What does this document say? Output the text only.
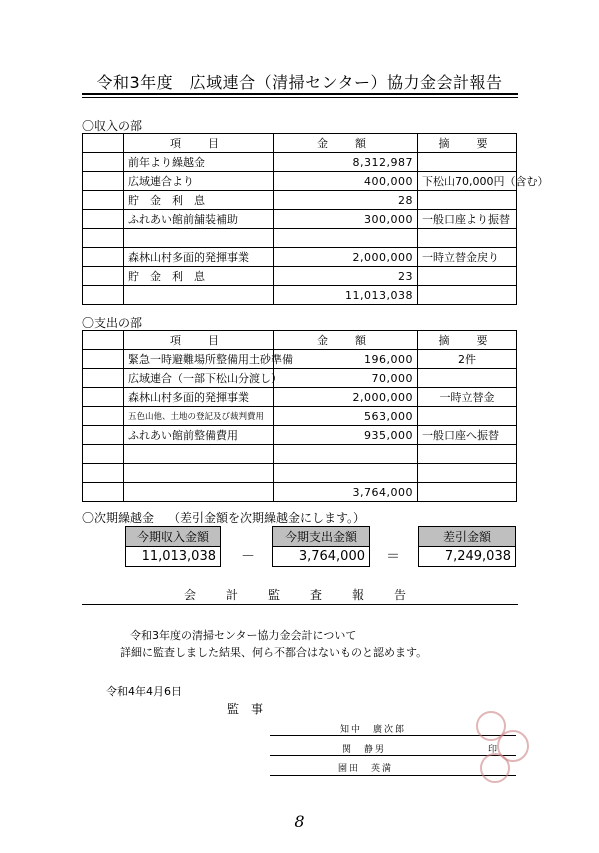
令和3年度　広域連合（清掃センター）協力金会計報告
〇収入の部
	項　目	金　額	摘　要
	前年より繰越金	8,312,987	
	広域連合より	400,000	下松山70,000円（含む）
	貯　金　利　息	28	
	ふれあい館前舗装補助	300,000	一般口座より振替

	森林山村多面的発揮事業	2,000,000	一時立替金戻り
	貯　金　利　息	23	
		11,013,038	
〇支出の部
	項　目	金　額	摘　要
	緊急一時避難場所整備用土砂準備	196,000	2件
	広域連合（一部下松山分渡し）	70,000	
	森林山村多面的発揮事業	2,000,000	一時立替金
	五色山他、土地の登記及び裁判費用	563,000	
	ふれあい館前整備費用	935,000	一般口座へ振替

		3,764,000	
〇次期繰越金 （差引金額を次期繰越金にします。）
今期収入金額
11,013,038 －
今期支出金額
3,764,000 ＝
差引金額
7,249,038
会　計　監　査　報　告
令和3年度の清掃センター協力金会計について
詳細に監査しました結果、何ら不都合はないものと認めます。
令和4年4月6日
監　事
知中　廣次郎
関　静男	印
園田　英満
8
